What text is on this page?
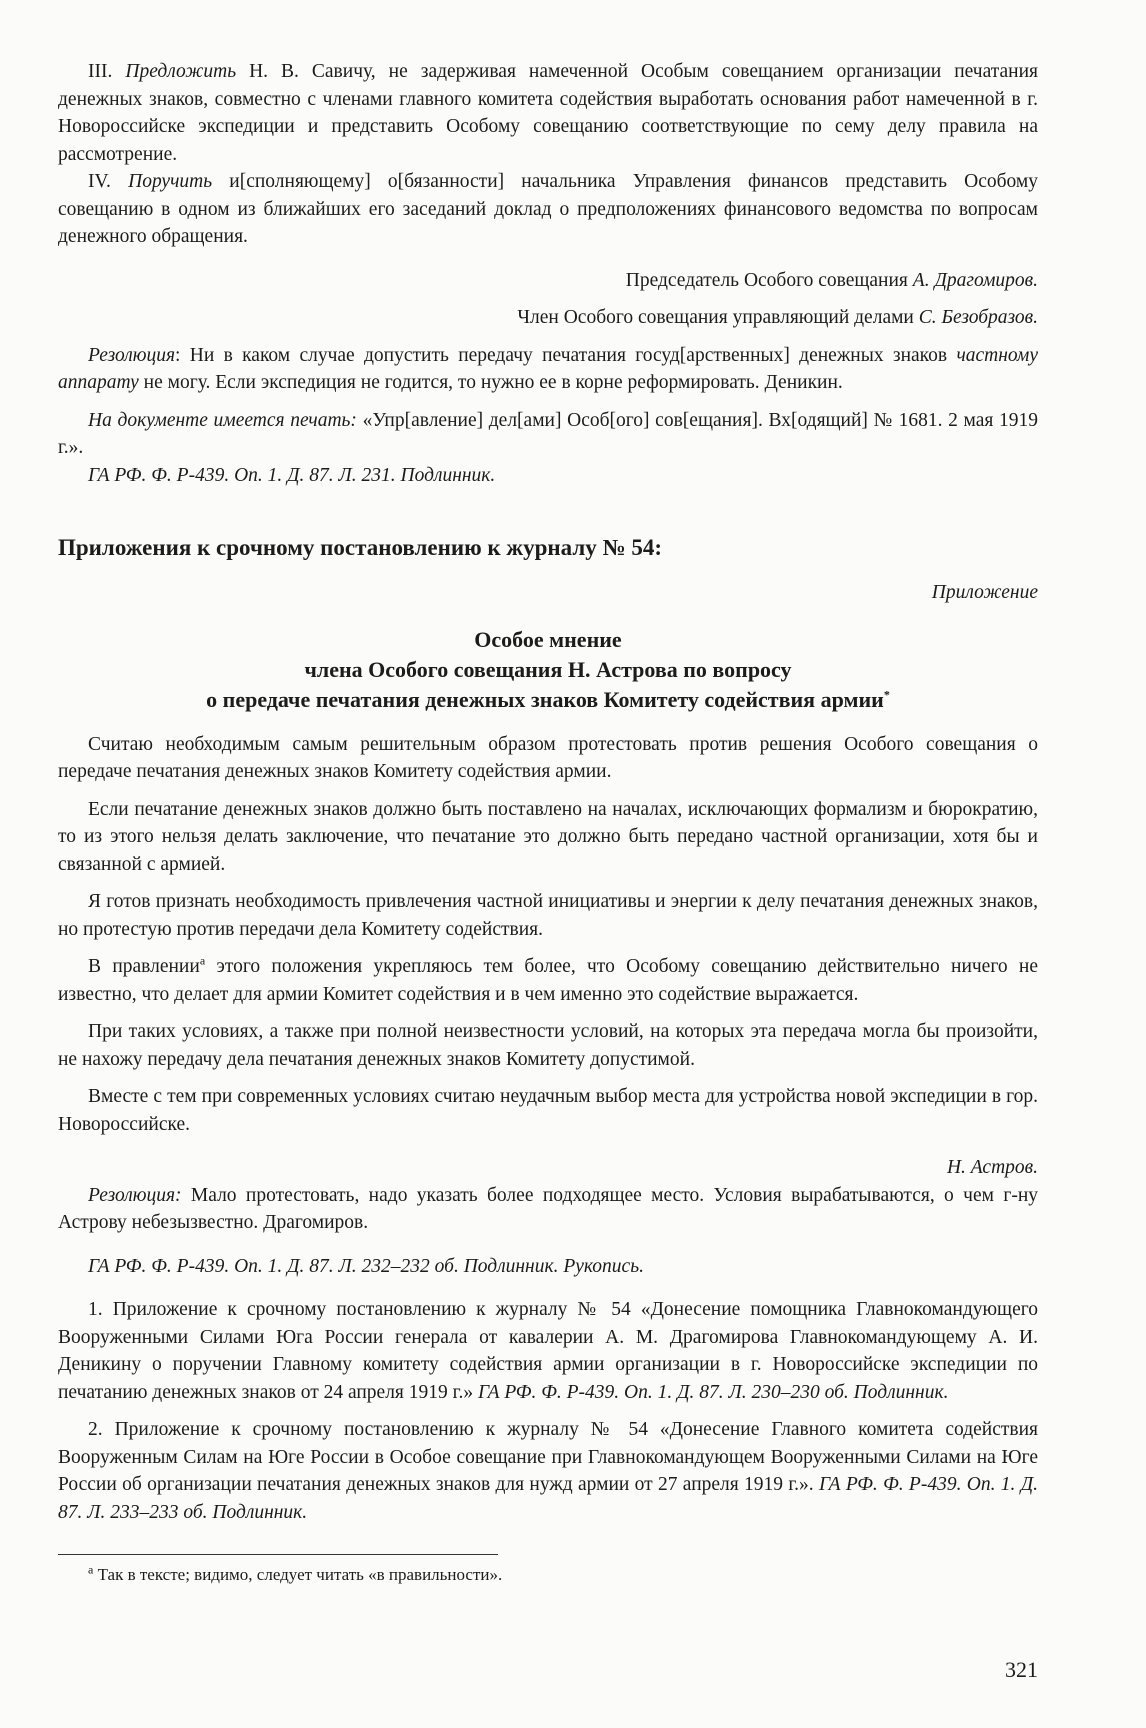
III. Предложить Н. В. Савичу, не задерживая намеченной Особым совещанием организации печатания денежных знаков, совместно с членами главного комитета содействия выработать основания работ намеченной в г. Новороссийске экспедиции и представить Особому совещанию соответствующие по сему делу правила на рассмотрение.

IV. Поручить и[сполняющему] о[бязанности] начальника Управления финансов представить Особому совещанию в одном из ближайших его заседаний доклад о предположениях финансового ведомства по вопросам денежного обращения.

Председатель Особого совещания А. Драгомиров.

Член Особого совещания управляющий делами С. Безобразов.

Резолюция: Ни в каком случае допустить передачу печатания госуд[арственных] денежных знаков частному аппарату не могу. Если экспедиция не годится, то нужно ее в корне реформировать. Деникин.

На документе имеется печать: «Упр[авление] дел[ами] Особ[ого] сов[ещания]. Вх[одящий] № 1681. 2 мая 1919 г.».

ГА РФ. Ф. Р-439. Оп. 1. Д. 87. Л. 231. Подлинник.

Приложения к срочному постановлению к журналу № 54:

Приложение

Особое мнение
члена Особого совещания Н. Астрова по вопросу
о передаче печатания денежных знаков Комитету содействия армии*

Считаю необходимым самым решительным образом протестовать против решения Особого совещания о передаче печатания денежных знаков Комитету содействия армии.

Если печатание денежных знаков должно быть поставлено на началах, исключающих формализм и бюрократию, то из этого нельзя делать заключение, что печатание это должно быть передано частной организации, хотя бы и связанной с армией.

Я готов признать необходимость привлечения частной инициативы и энергии к делу печатания денежных знаков, но протестую против передачи дела Комитету содействия.

В правлении$^а$ этого положения укрепляюсь тем более, что Особому совещанию действительно ничего не известно, что делает для армии Комитет содействия и в чем именно это содействие выражается.

При таких условиях, а также при полной неизвестности условий, на которых эта передача могла бы произойти, не нахожу передачу дела печатания денежных знаков Комитету допустимой.

Вместе с тем при современных условиях считаю неудачным выбор места для устройства новой экспедиции в гор. Новороссийске.

Н. Астров.

Резолюция: Мало протестовать, надо указать более подходящее место. Условия вырабатываются, о чем г-ну Астрову небезызвестно. Драгомиров.

ГА РФ. Ф. Р-439. Оп. 1. Д. 87. Л. 232–232 об. Подлинник. Рукопись.

1. Приложение к срочному постановлению к журналу № 54 «Донесение помощника Главнокомандующего Вооруженными Силами Юга России генерала от кавалерии А. М. Драгомирова Главнокомандующему А. И. Деникину о поручении Главному комитету содействия армии организации в г. Новороссийске экспедиции по печатанию денежных знаков от 24 апреля 1919 г.» ГА РФ. Ф. Р-439. Оп. 1. Д. 87. Л. 230–230 об. Подлинник.

2. Приложение к срочному постановлению к журналу № 54 «Донесение Главного комитета содействия Вооруженным Силам на Юге России в Особое совещание при Главнокомандующем Вооруженными Силами на Юге России об организации печатания денежных знаков для нужд армии от 27 апреля 1919 г.». ГА РФ. Ф. Р-439. Оп. 1. Д. 87. Л. 233–233 об. Подлинник.

$^а$ Так в тексте; видимо, следует читать «в правильности».

321
